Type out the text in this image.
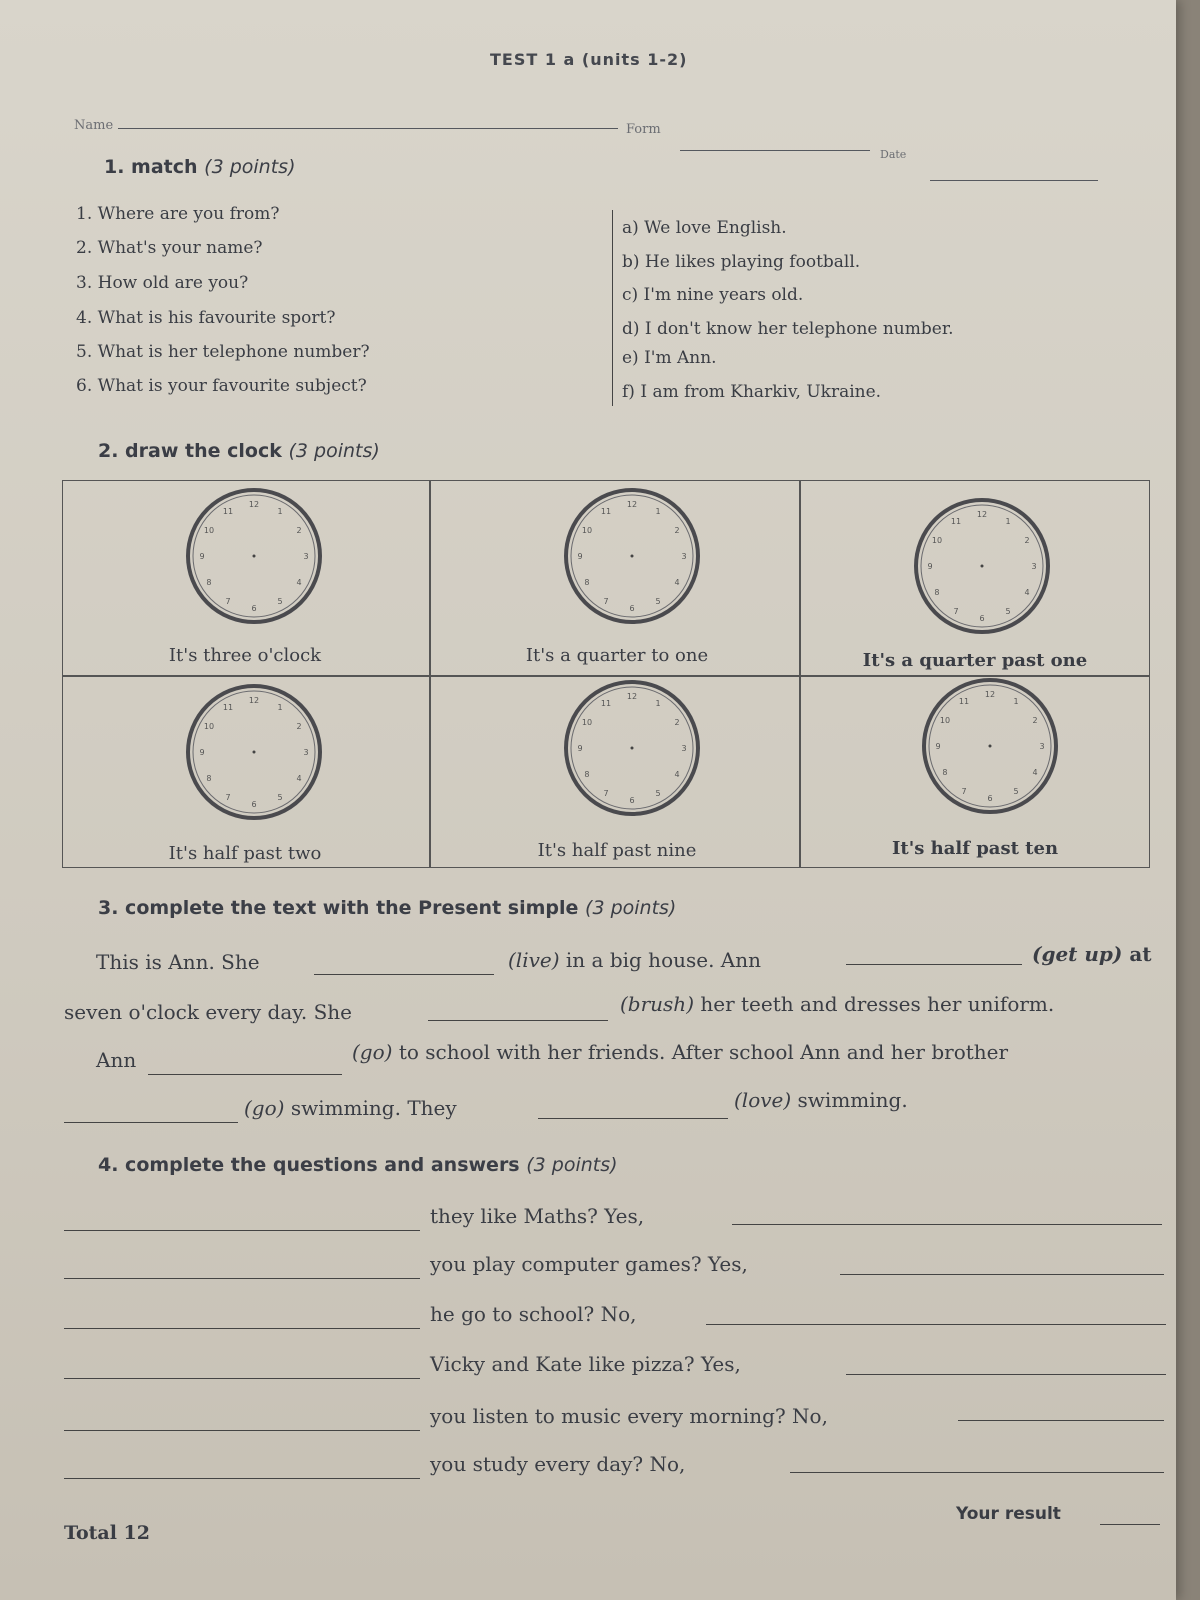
TEST 1 a (units 1-2)
Name	Form
Date
1. match (3 points)
1. Where are you from?
2. What's your name?
3. How old are you?
4. What is his favourite sport?
5. What is her telephone number?
6. What is your favourite subject?
a) We love English.
b) He likes playing football.
c) I'm nine years old.
d) I don't know her telephone number.
e) I'm Ann.
f) I am from Kharkiv, Ukraine.
2. draw the clock (3 points)
1
2
3
4
5
6
7
8
9
10
11
12
1
2
3
4
5
6
7
8
9
10
11
12
1
2
3
4
5
6
7
8
9
10
11
12
1
2
3
4
5
6
7
8
9
10
11
12	1
2
3
4
5
6
7
8
9
10
11
12
1
2
3
4
5
6
7
8
9
10
11
12
It's three o'clock	It's a quarter to one	It's a quarter past one
It's half past two	It's half past nine	It's half past ten
3. complete the text with the Present simple (3 points)
This is Ann. She	(live) in a big house. Ann	(get up) at
seven o'clock every day. She	(brush) her teeth and dresses her uniform.
Ann	(go) to school with her friends. After school Ann and her brother
(go) swimming. They	(love) swimming.
4. complete the questions and answers (3 points)
they like Maths? Yes,
you play computer games? Yes,
he go to school? No,
Vicky and Kate like pizza? Yes,
you listen to music every morning? No,
you study every day? No,
Total 12
Your result
